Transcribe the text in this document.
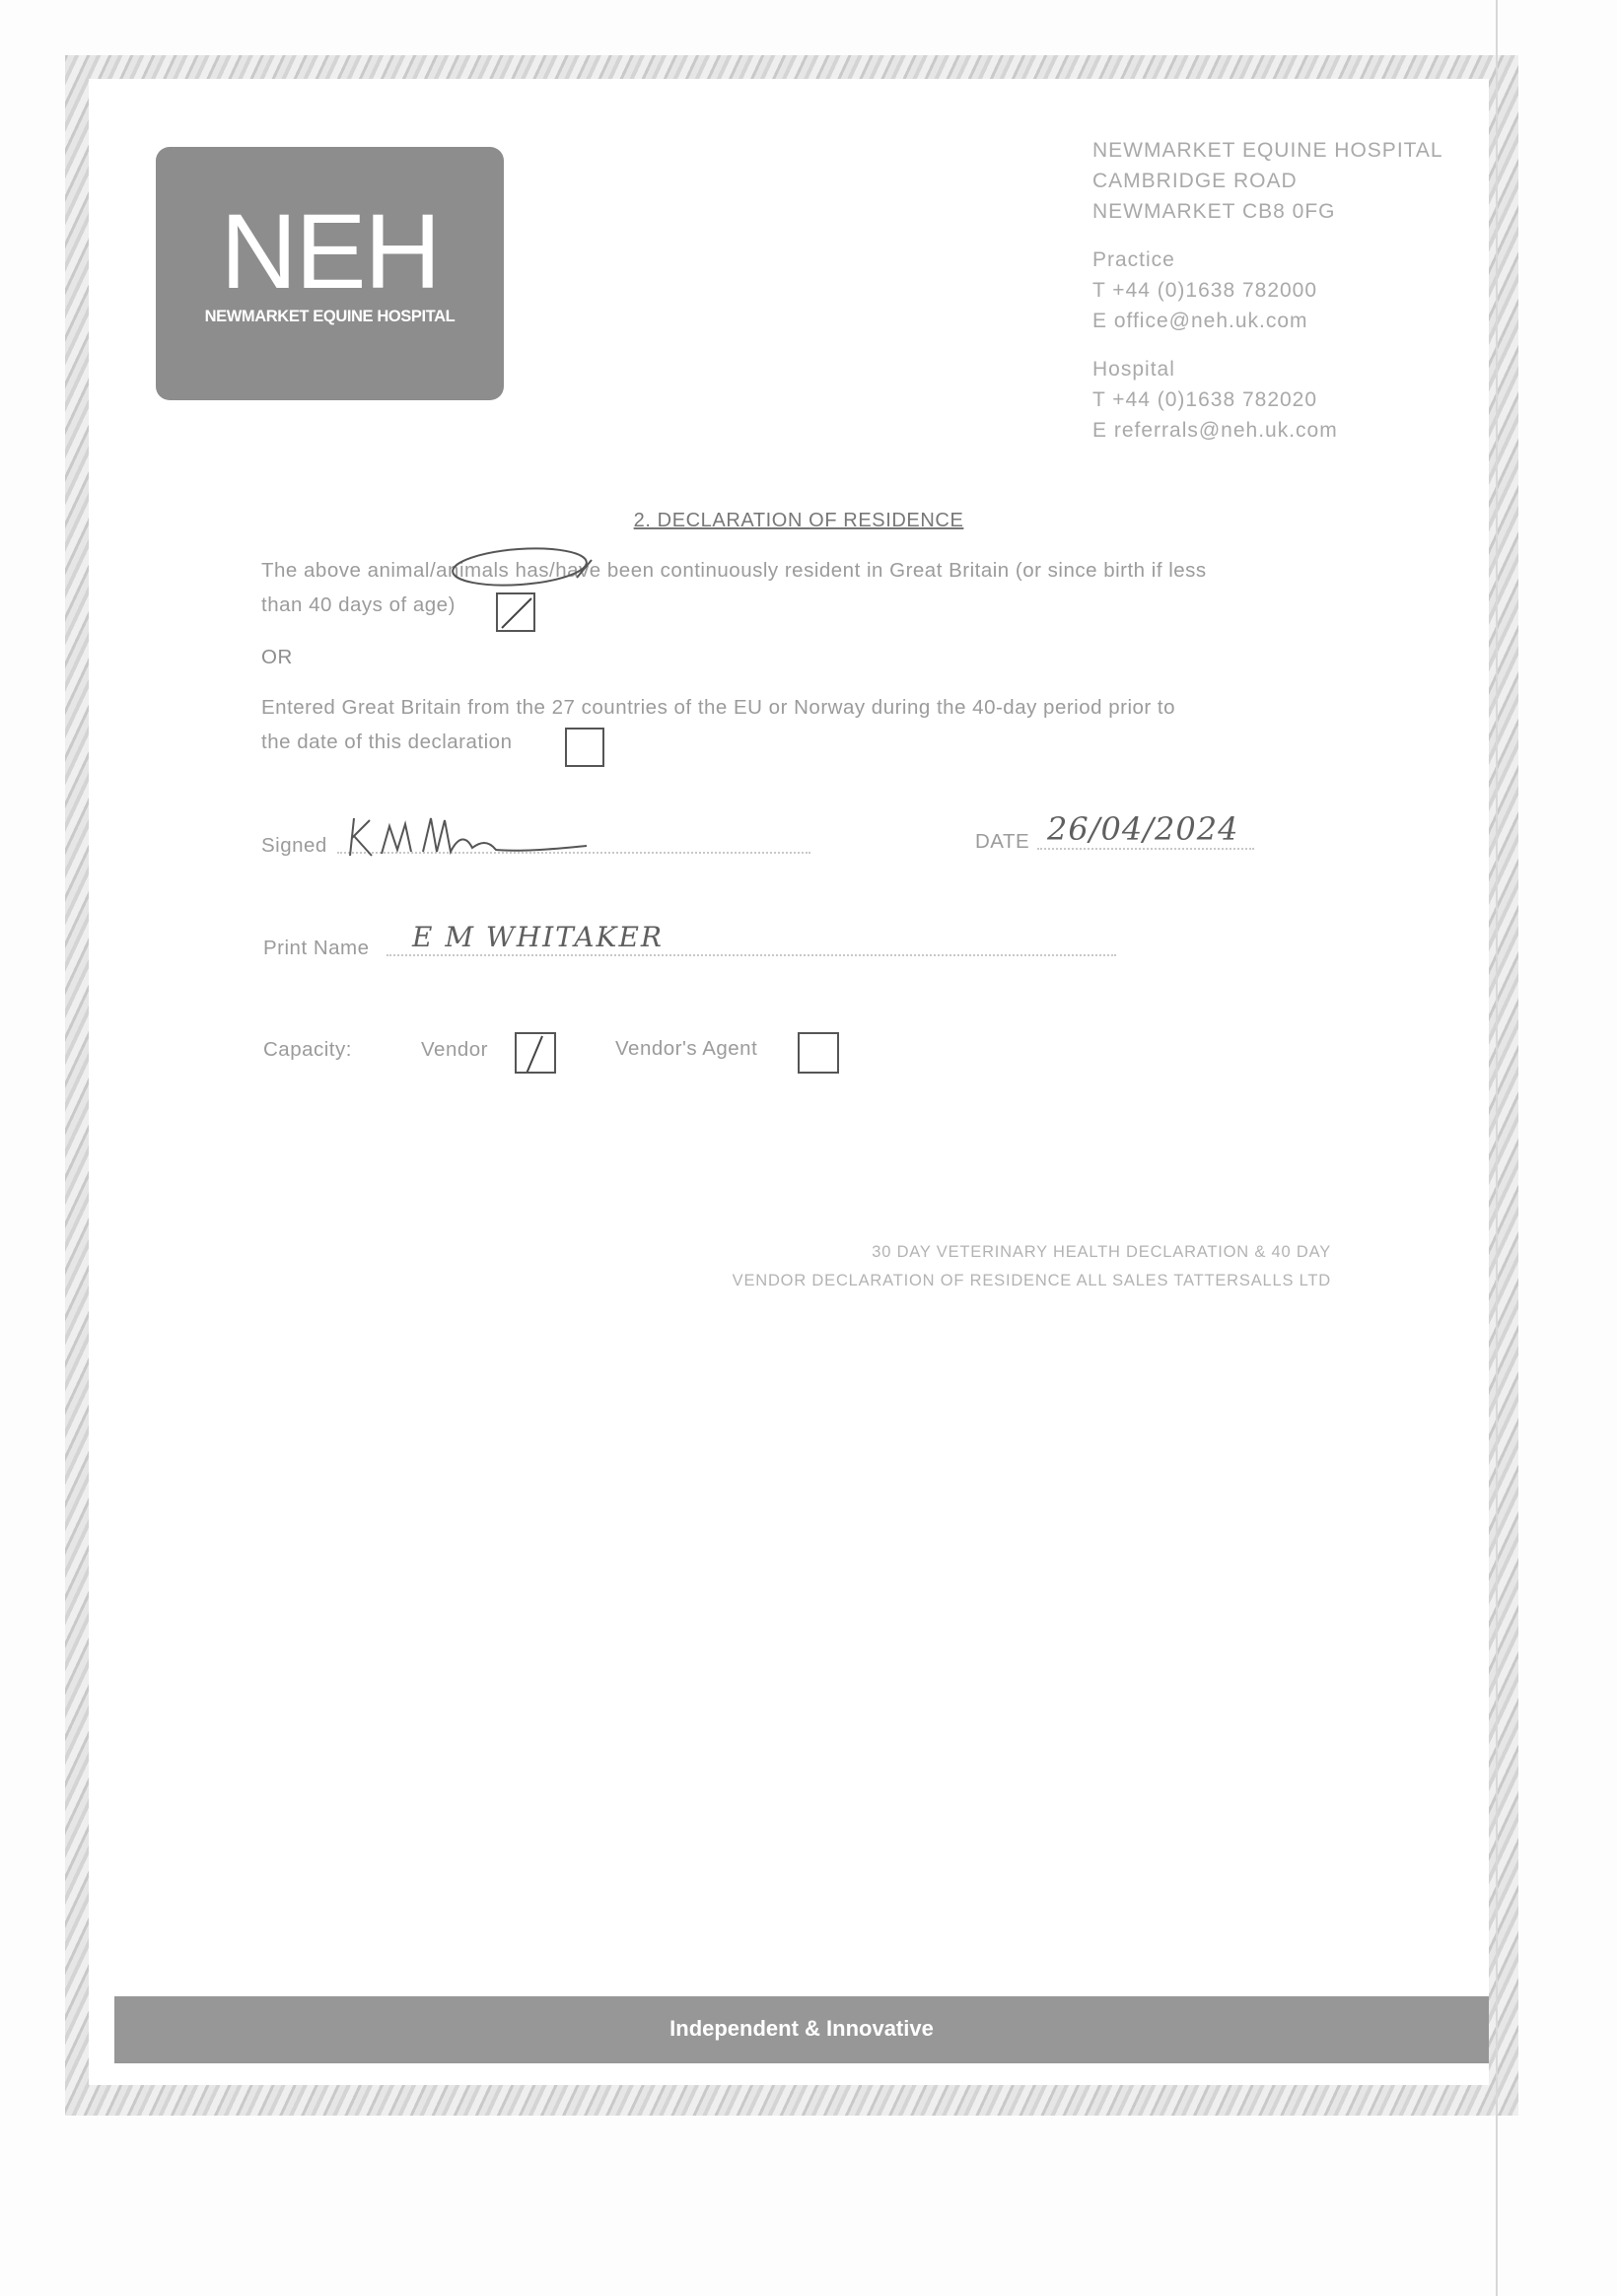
NEH
NEWMARKET EQUINE HOSPITAL
NEWMARKET EQUINE HOSPITAL
CAMBRIDGE ROAD
NEWMARKET CB8 0FG
Practice
T +44 (0)1638 782000
E office@neh.uk.com
Hospital
T +44 (0)1638 782020
E referrals@neh.uk.com
2. DECLARATION OF RESIDENCE
The above animal/animals has/have been continuously resident in Great Britain (or since birth if less
than 40 days of age)
OR
Entered Great Britain from the 27 countries of the EU or Norway during the 40-day period prior to
the date of this declaration
Signed	DATE 26/04/2024
Print Name E M WHITAKER
Capacity:	Vendor	Vendor's Agent
30 DAY VETERINARY HEALTH DECLARATION & 40 DAY
VENDOR DECLARATION OF RESIDENCE ALL SALES TATTERSALLS LTD
Independent & Innovative
